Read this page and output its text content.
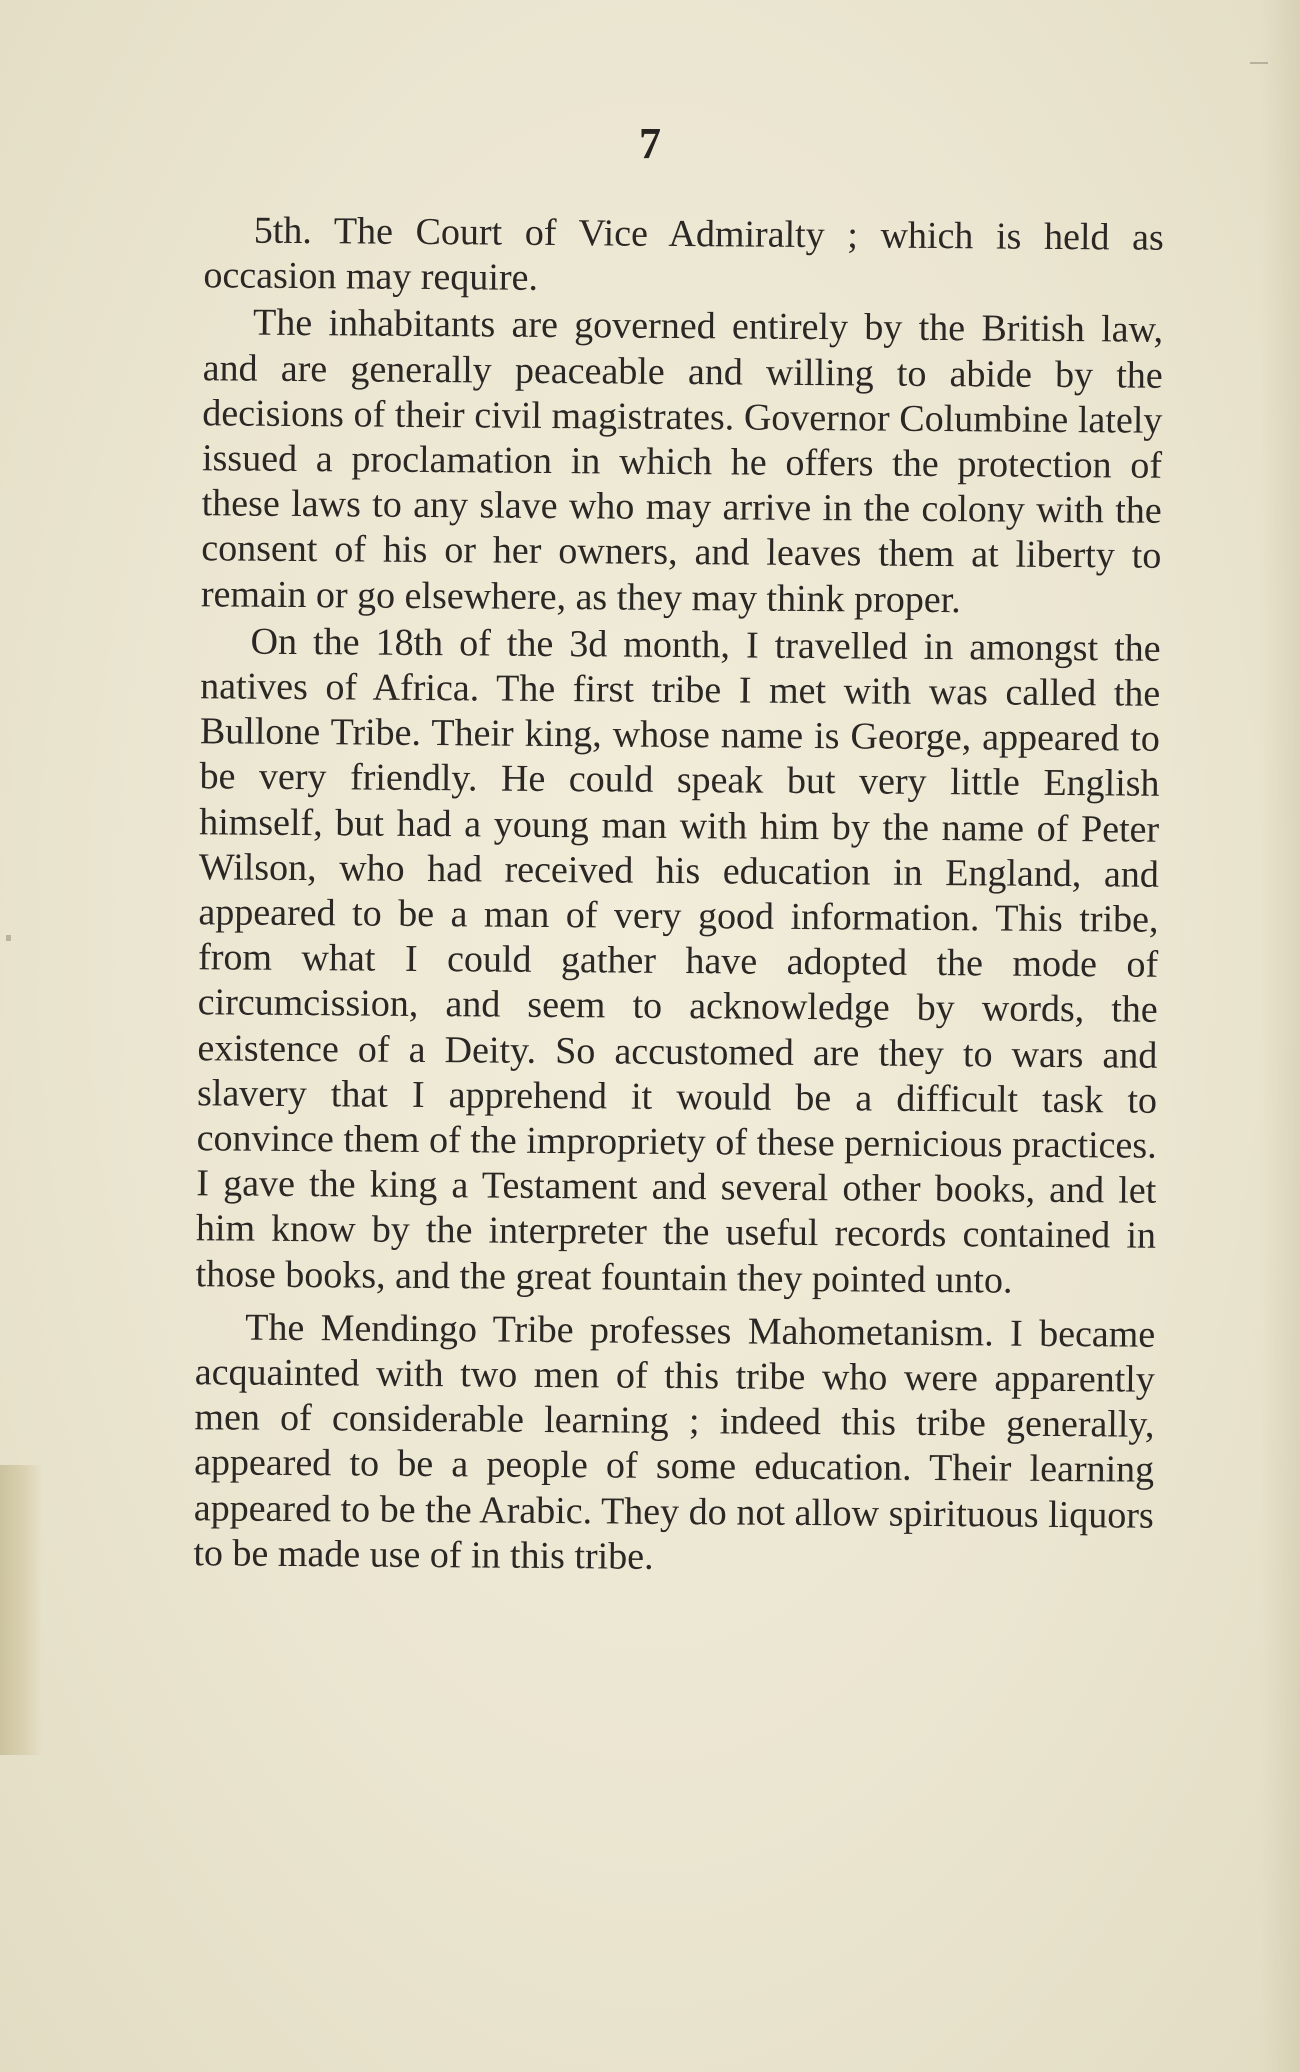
7

5th. The Court of Vice Admiralty ; which is held as occasion may require.

The inhabitants are governed entirely by the British law, and are generally peaceable and willing to abide by the decisions of their civil magistrates. Governor Columbine lately issued a proclamation in which he offers the protection of these laws to any slave who may arrive in the colony with the consent of his or her owners, and leaves them at liberty to remain or go elsewhere, as they may think proper.

On the 18th of the 3d month, I travelled in amongst the natives of Africa. The first tribe I met with was called the Bullone Tribe. Their king, whose name is George, appeared to be very friendly. He could speak but very little English himself, but had a young man with him by the name of Peter Wilson, who had received his education in England, and appeared to be a man of very good information. This tribe, from what I could gather have adopted the mode of circumcission, and seem to acknowledge by words, the existence of a Deity. So accustomed are they to wars and slavery that I apprehend it would be a difficult task to convince them of the impropriety of these pernicious practices. I gave the king a Testament and several other books, and let him know by the interpreter the useful records contained in those books, and the great fountain they pointed unto.

The Mendingo Tribe professes Mahometanism. I became acquainted with two men of this tribe who were apparently men of considerable learning ; indeed this tribe generally, appeared to be a people of some education. Their learning appeared to be the Arabic. They do not allow spirituous liquors to be made use of in this tribe.
